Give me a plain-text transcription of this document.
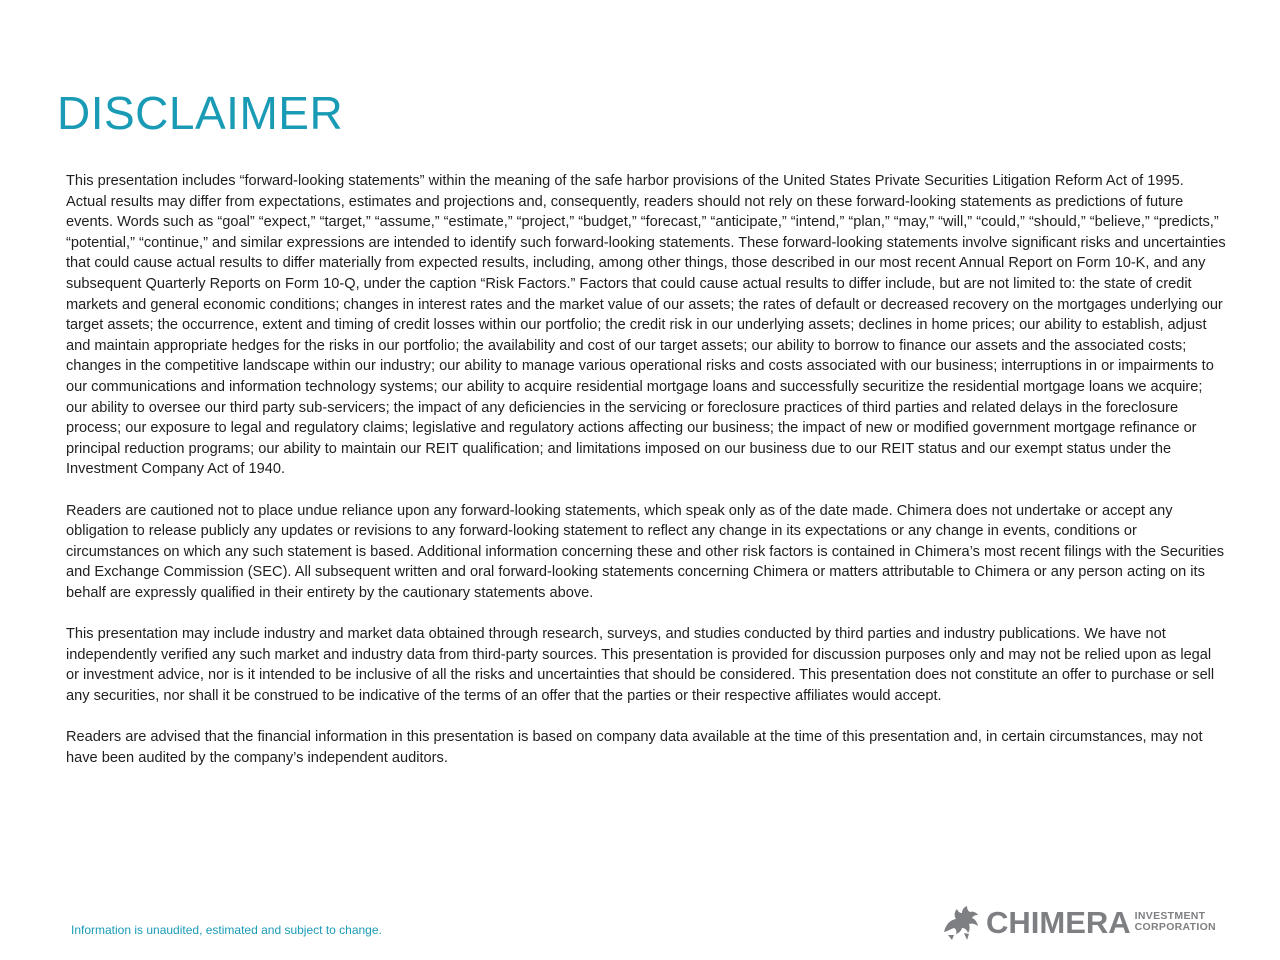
DISCLAIMER

This presentation includes “forward-looking statements” within the meaning of the safe harbor provisions of the United States Private Securities Litigation Reform Act of 1995. Actual results may differ from expectations, estimates and projections and, consequently, readers should not rely on these forward-looking statements as predictions of future events. Words such as “goal” “expect,” “target,” “assume,” “estimate,” “project,” “budget,” “forecast,” “anticipate,” “intend,” “plan,” “may,” “will,” “could,” “should,” “believe,” “predicts,” “potential,” “continue,” and similar expressions are intended to identify such forward-looking statements. These forward-looking statements involve significant risks and uncertainties that could cause actual results to differ materially from expected results, including, among other things, those described in our most recent Annual Report on Form 10-K, and any subsequent Quarterly Reports on Form 10-Q, under the caption “Risk Factors.” Factors that could cause actual results to differ include, but are not limited to: the state of credit markets and general economic conditions; changes in interest rates and the market value of our assets; the rates of default or decreased recovery on the mortgages underlying our target assets; the occurrence, extent and timing of credit losses within our portfolio; the credit risk in our underlying assets; declines in home prices; our ability to establish, adjust and maintain appropriate hedges for the risks in our portfolio; the availability and cost of our target assets; our ability to borrow to finance our assets and the associated costs; changes in the competitive landscape within our industry; our ability to manage various operational risks and costs associated with our business; interruptions in or impairments to our communications and information technology systems; our ability to acquire residential mortgage loans and successfully securitize the residential mortgage loans we acquire; our ability to oversee our third party sub-servicers; the impact of any deficiencies in the servicing or foreclosure practices of third parties and related delays in the foreclosure process; our exposure to legal and regulatory claims; legislative and regulatory actions affecting our business; the impact of new or modified government mortgage refinance or principal reduction programs; our ability to maintain our REIT qualification; and limitations imposed on our business due to our REIT status and our exempt status under the Investment Company Act of 1940.

Readers are cautioned not to place undue reliance upon any forward-looking statements, which speak only as of the date made. Chimera does not undertake or accept any obligation to release publicly any updates or revisions to any forward-looking statement to reflect any change in its expectations or any change in events, conditions or circumstances on which any such statement is based. Additional information concerning these and other risk factors is contained in Chimera’s most recent filings with the Securities and Exchange Commission (SEC). All subsequent written and oral forward-looking statements concerning Chimera or matters attributable to Chimera or any person acting on its behalf are expressly qualified in their entirety by the cautionary statements above.

This presentation may include industry and market data obtained through research, surveys, and studies conducted by third parties and industry publications. We have not independently verified any such market and industry data from third-party sources. This presentation is provided for discussion purposes only and may not be relied upon as legal or investment advice, nor is it intended to be inclusive of all the risks and uncertainties that should be considered. This presentation does not constitute an offer to purchase or sell any securities, nor shall it be construed to be indicative of the terms of an offer that the parties or their respective affiliates would accept.

Readers are advised that the financial information in this presentation is based on company data available at the time of this presentation and, in certain circumstances, may not have been audited by the company’s independent auditors.

Information is unaudited, estimated and subject to change.	CHIMERA INVESTMENT
CORPORATION
